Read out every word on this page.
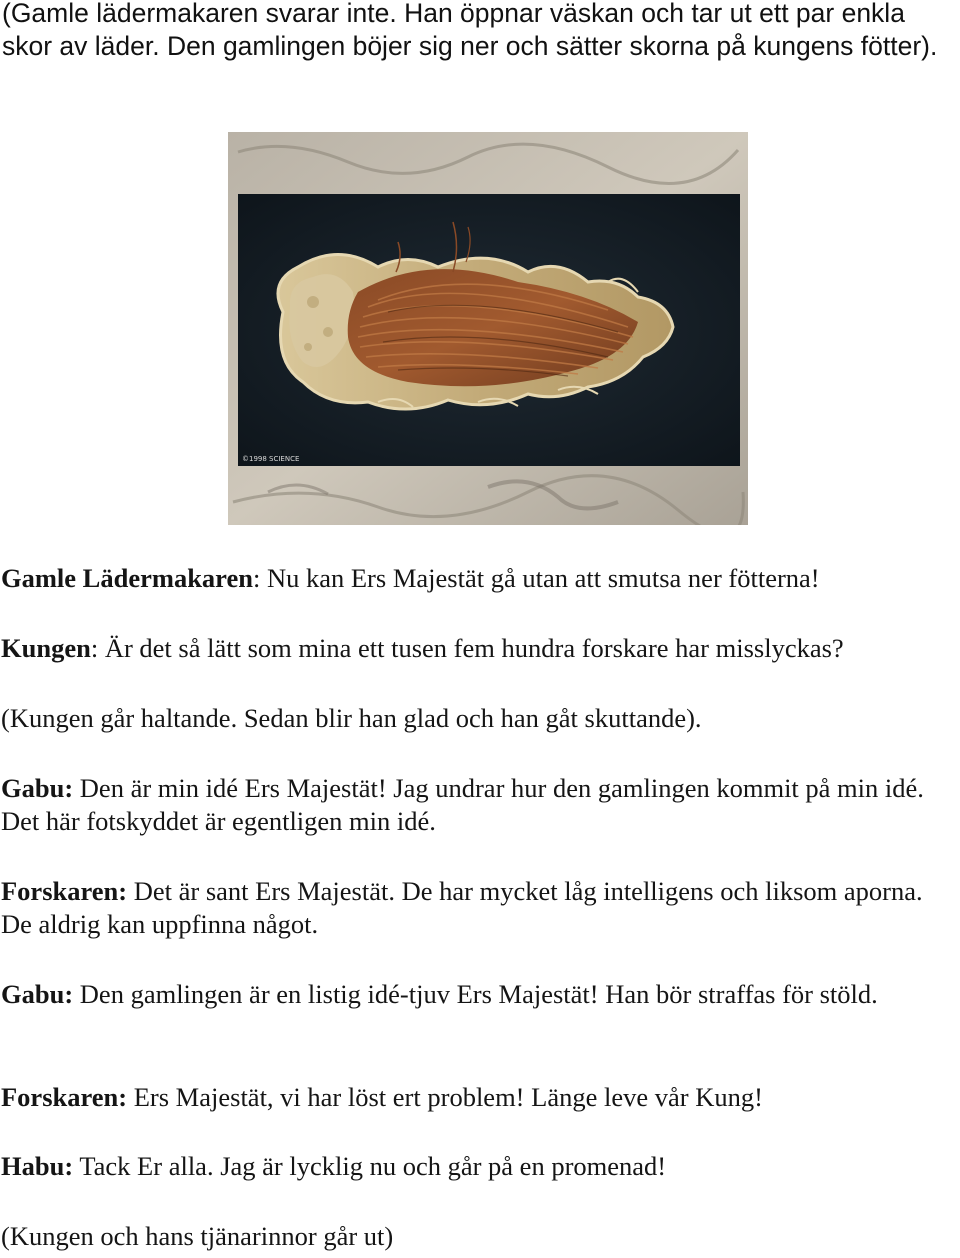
(Gamle lädermakaren svarar inte. Han öppnar väskan och tar ut ett par enkla skor av läder. Den gamlingen böjer sig ner och sätter skorna på kungens fötter).

©1998 SCIENCE

Gamle Lädermakaren: Nu kan Ers Majestät gå utan att smutsa ner fötterna!

Kungen: Är det så lätt som mina ett tusen fem hundra forskare har misslyckas?

(Kungen går haltande. Sedan blir han glad och han gåt skuttande).

Gabu: Den är min idé Ers Majestät! Jag undrar hur den gamlingen kommit på min idé. Det här fotskyddet är egentligen min idé.

Forskaren: Det är sant Ers Majestät. De har mycket låg intelligens och liksom aporna. De aldrig kan uppfinna något.

Gabu: Den gamlingen är en listig idé-tjuv Ers Majestät! Han bör straffas för stöld.

Forskaren: Ers Majestät, vi har löst ert problem! Länge leve vår Kung!

Habu: Tack Er alla. Jag är lycklig nu och går på en promenad!

(Kungen och hans tjänarinnor går ut)
